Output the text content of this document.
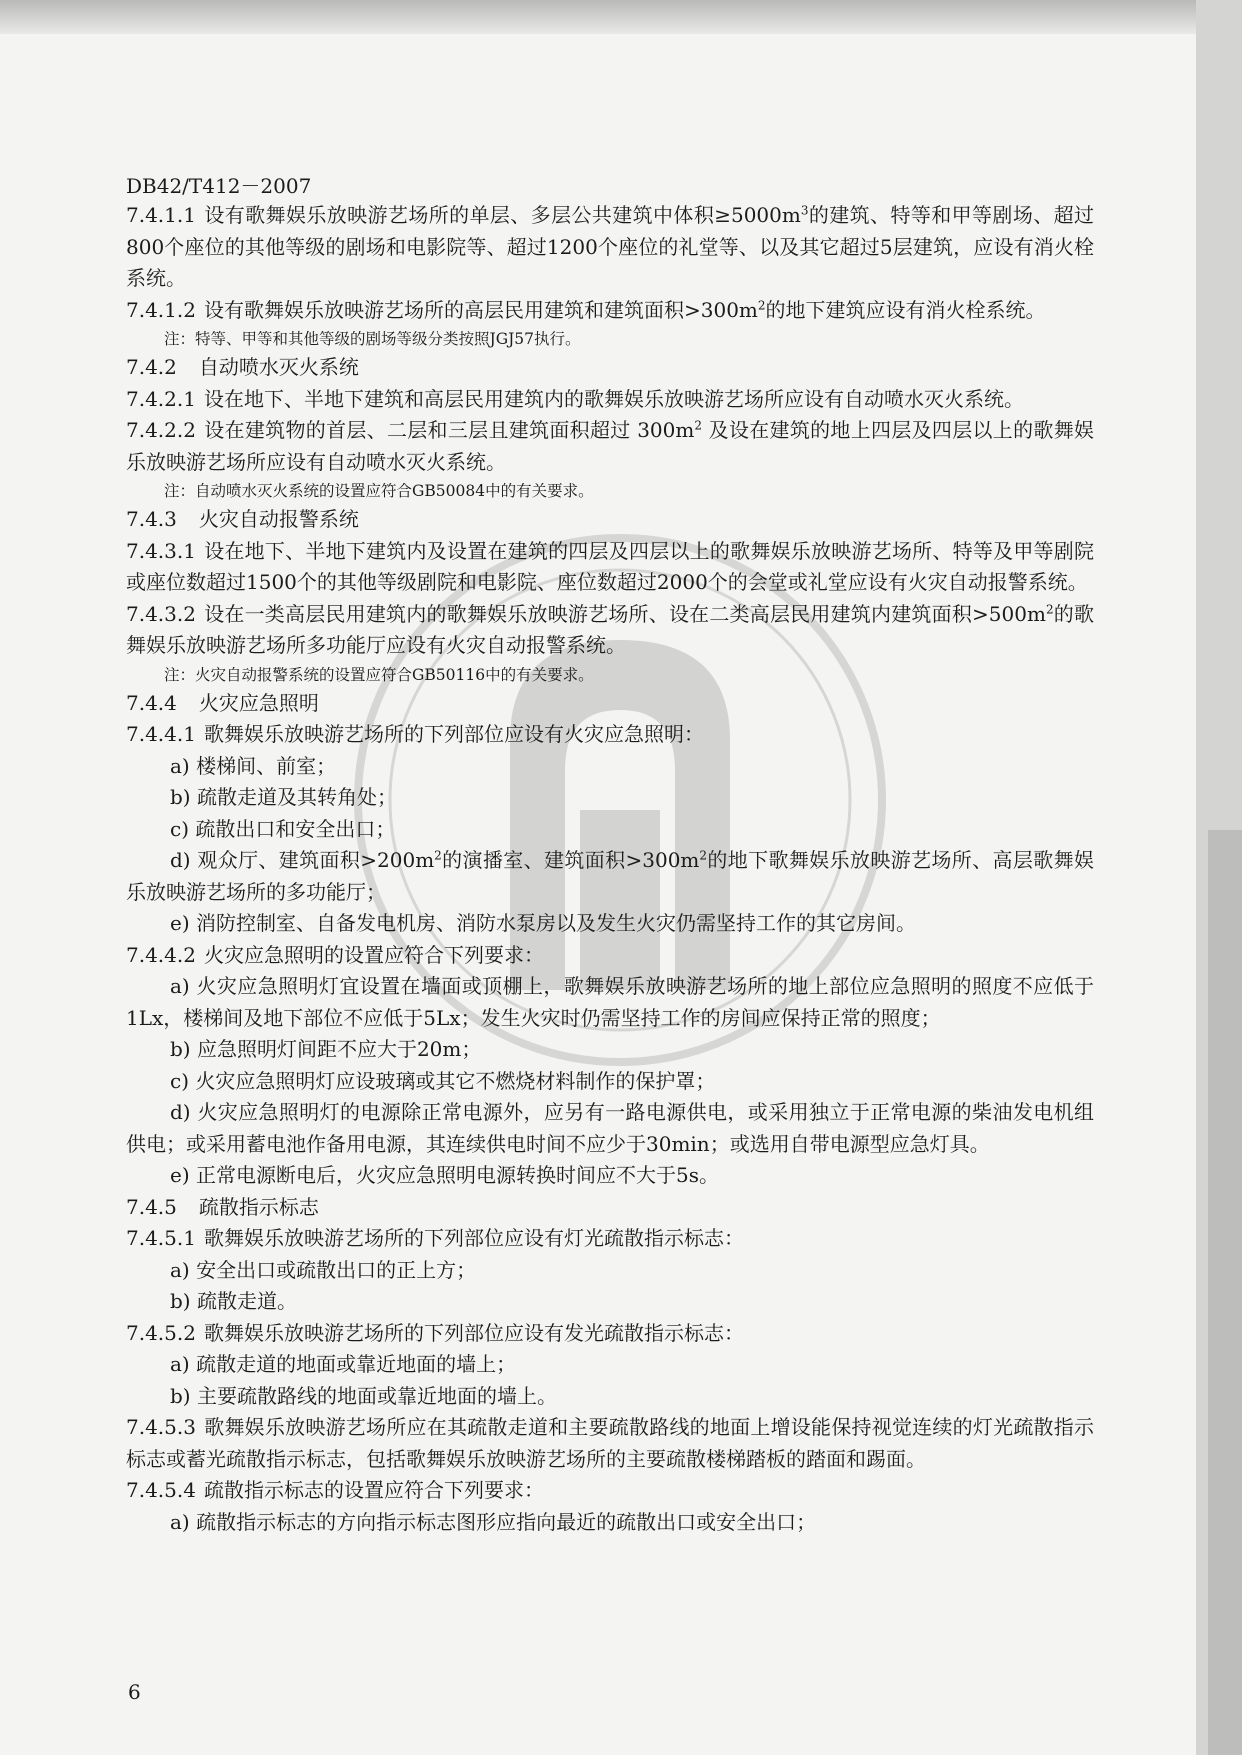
DB42/T412－2007

7.4.1.1 设有歌舞娱乐放映游艺场所的单层、多层公共建筑中体积$\ge 5000m^3$的建筑、特等和甲等剧场、超过800个座位的其他等级的剧场和电影院等、超过1200个座位的礼堂等、以及其它超过5层建筑，应设有消火栓系统。

7.4.1.2 设有歌舞娱乐放映游艺场所的高层民用建筑和建筑面积$>300m^2$的地下建筑应设有消火栓系统。

注：特等、甲等和其他等级的剧场等级分类按照JGJ57执行。

7.4.2 自动喷水灭火系统

7.4.2.1 设在地下、半地下建筑和高层民用建筑内的歌舞娱乐放映游艺场所应设有自动喷水灭火系统。

7.4.2.2 设在建筑物的首层、二层和三层且建筑面积超过 $300m^2$ 及设在建筑的地上四层及四层以上的歌舞娱乐放映游艺场所应设有自动喷水灭火系统。

注：自动喷水灭火系统的设置应符合GB50084中的有关要求。

7.4.3 火灾自动报警系统

7.4.3.1 设在地下、半地下建筑内及设置在建筑的四层及四层以上的歌舞娱乐放映游艺场所、特等及甲等剧院或座位数超过1500个的其他等级剧院和电影院、座位数超过2000个的会堂或礼堂应设有火灾自动报警系统。

7.4.3.2 设在一类高层民用建筑内的歌舞娱乐放映游艺场所、设在二类高层民用建筑内建筑面积$>500m^2$的歌舞娱乐放映游艺场所多功能厅应设有火灾自动报警系统。

注：火灾自动报警系统的设置应符合GB50116中的有关要求。

7.4.4 火灾应急照明

7.4.4.1 歌舞娱乐放映游艺场所的下列部位应设有火灾应急照明：

a) 楼梯间、前室；

b) 疏散走道及其转角处；

c) 疏散出口和安全出口；

d) 观众厅、建筑面积$>200m^2$的演播室、建筑面积$>300m^2$的地下歌舞娱乐放映游艺场所、高层歌舞娱乐放映游艺场所的多功能厅；

e) 消防控制室、自备发电机房、消防水泵房以及发生火灾仍需坚持工作的其它房间。

7.4.4.2 火灾应急照明的设置应符合下列要求：

a) 火灾应急照明灯宜设置在墙面或顶棚上，歌舞娱乐放映游艺场所的地上部位应急照明的照度不应低于1Lx，楼梯间及地下部位不应低于5Lx；发生火灾时仍需坚持工作的房间应保持正常的照度；

b) 应急照明灯间距不应大于20m；

c) 火灾应急照明灯应设玻璃或其它不燃烧材料制作的保护罩；

d) 火灾应急照明灯的电源除正常电源外，应另有一路电源供电，或采用独立于正常电源的柴油发电机组供电；或采用蓄电池作备用电源，其连续供电时间不应少于30min；或选用自带电源型应急灯具。

e) 正常电源断电后，火灾应急照明电源转换时间应不大于5s。

7.4.5 疏散指示标志

7.4.5.1 歌舞娱乐放映游艺场所的下列部位应设有灯光疏散指示标志：

a) 安全出口或疏散出口的正上方；

b) 疏散走道。

7.4.5.2 歌舞娱乐放映游艺场所的下列部位应设有发光疏散指示标志：

a) 疏散走道的地面或靠近地面的墙上；

b) 主要疏散路线的地面或靠近地面的墙上。

7.4.5.3 歌舞娱乐放映游艺场所应在其疏散走道和主要疏散路线的地面上增设能保持视觉连续的灯光疏散指示标志或蓄光疏散指示标志，包括歌舞娱乐放映游艺场所的主要疏散楼梯踏板的踏面和踢面。

7.4.5.4 疏散指示标志的设置应符合下列要求：

a) 疏散指示标志的方向指示标志图形应指向最近的疏散出口或安全出口；

6
